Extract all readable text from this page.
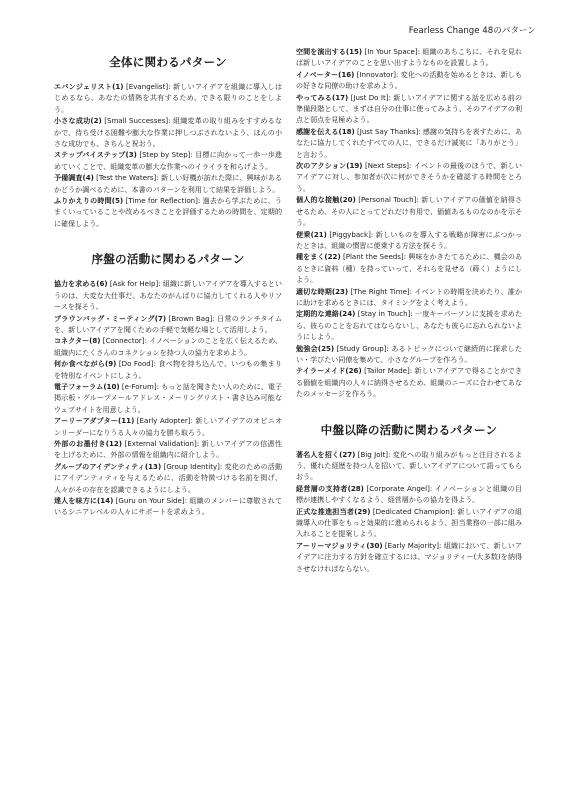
Fearless Change 48のパターン
全体に関わるパターン

エバンジェリスト(1) [Evangelist]: 新しいアイデアを組織に導入しはじめるなら、あなたの情熱を共有するため、できる限りのことをしよう。

小さな成功(2) [Small Successes]: 組織変革の取り組みをすすめるなかで、待ち受ける困難や膨大な作業に押しつぶされないよう、ほんの小さな成功でも、きちんと祝おう。

ステップバイステップ(3) [Step by Step]: 目標に向かって一歩一歩進めていくことで、組織変革の膨大な作業へのイライラを和らげよう。

予備調査(4) [Test the Waters]: 新しい好機が訪れた際に、興味があるかどうか調べるために、本書のパターンを利用して結果を評価しよう。

ふりかえりの時間(5) [Time for Reflection]: 過去から学ぶために、うまくいっていることや改めるべきことを評価するための時間を、定期的に確保しよう。

序盤の活動に関わるパターン

協力を求める(6) [Ask for Help]: 組織に新しいアイデアを導入するというのは、大変な大仕事だ。あなたのがんばりに協力してくれる人やリソースを探そう。

ブラウンバッグ・ミーティング(7) [Brown Bag]: 日常のランチタイムを、新しいアイデアを聞くための手軽で気軽な場として活用しよう。

コネクター(8) [Connector]: イノベーションのことを広く伝えるため、組織内にたくさんのコネクションを持つ人の協力を求めよう。

何か食べながら(9) [Do Food]: 食べ物を持ち込んで、いつもの集まりを特別なイベントにしよう。

電子フォーラム(10) [e-Forum]: もっと話を聞きたい人のために、電子掲示板・グループメールアドレス・メーリングリスト・書き込み可能なウェブサイトを用意しよう。

アーリーアダプター(11) [Early Adopter]: 新しいアイデアのオピニオンリーダーになりうる人々の協力を勝ち取ろう。

外部のお墨付き(12) [External Validation]: 新しいアイデアの信憑性を上げるために、外部の情報を組織内に紹介しよう。

グループのアイデンティティ(13) [Group Identity]: 変化のための活動にアイデンティティを与えるために、活動を特徴づける名前を掲げ、人々がその存在を認識できるようにしよう。

達人を味方に(14) [Guru on Your Side]: 組織のメンバーに尊敬されているシニアレベルの人々にサポートを求めよう。

空間を演出する(15) [In Your Space]: 組織のあちこちに、それを見れば新しいアイデアのことを思い出すようなものを設置しよう。

イノベーター(16) [Innovator]: 変化への活動を始めるときは、新しもの好きな同僚の助けを求めよう。

やってみる(17) [Just Do It]: 新しいアイデアに関する話を広める前の準備段階として、まずは自分の仕事に使ってみよう、そのアイデアの利点と弱点を見極めよう。

感謝を伝える(18) [Just Say Thanks]: 感謝の気持ちを表すために、あなたに協力してくれたすべての人に、できるだけ誠実に「ありがとう」と言おう。

次のアクション(19) [Next Steps]: イベントの最後のほうで、新しいアイデアに対し、参加者が次に何ができそうかを確認する時間をとろう。

個人的な接触(20) [Personal Touch]: 新しいアイデアの価値を納得させるため、その人にとってどれだけ有用で、価値あるものなのかを示そう。

便乗(21) [Piggyback]: 新しいものを導入する戦略が障害にぶつかったときは、組織の慣習に便乗する方法を探そう。

種をまく(22) [Plant the Seeds]: 興味をかきたてるために、機会のあるときに資料（種）を持っていって、それらを見せる（蒔く）ようにしよう。

適切な時期(23) [The Right Time]: イベントの時期を決めたり、誰かに助けを求めるときには、タイミングをよく考えよう。

定期的な連絡(24) [Stay in Touch]: 一度キーパーソンに支援を求めたら、彼らのことを忘れてはならないし、あなたも彼らに忘れられないようにしよう。

勉強会(25) [Study Group]: あるトピックについて継続的に探求したい・学びたい同僚を集めて、小さなグループを作ろう。

テイラーメイド(26) [Tailor Made]: 新しいアイデアで得ることができる価値を組織内の人々に納得させるため、組織のニーズに合わせてあなたのメッセージを作ろう。

中盤以降の活動に関わるパターン

著名人を招く(27) [Big Jolt]: 変化への取り組みがもっと注目されるよう、優れた経歴を持つ人を招いて、新しいアイデアについて語ってもらおう。

経営層の支持者(28) [Corporate Angel]: イノベーションと組織の目標が連携しやすくなるよう、経営層からの協力を得よう。

正式な推進担当者(29) [Dedicated Champion]: 新しいアイデアの組織導入の仕事をもっと効果的に進められるよう、担当業務の一部に組み入れることを提案しよう。

アーリーマジョリティ(30) [Early Majority]: 組織において、新しいアイデアに注力する方針を確立するには、マジョリティー(大多数)を納得させなければならない。
